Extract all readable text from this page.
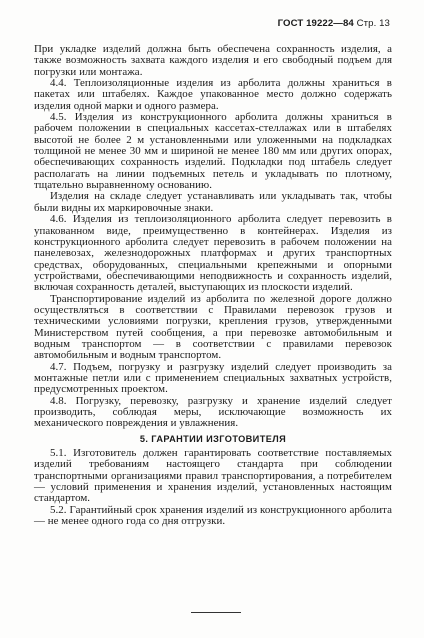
ГОСТ 19222—84 Стр. 13

При укладке изделий должна быть обеспечена сохранность изделия, а также возможность захвата каждого изделия и его свободный подъем для погрузки или монтажа.

4.4. Теплоизоляционные изделия из арболита должны храниться в пакетах или штабелях. Каждое упакованное место должно содержать изделия одной марки и одного размера.

4.5. Изделия из конструкционного арболита должны храниться в рабочем положении в специальных кассетах-стеллажах или в штабелях высотой не более 2 м установленными или уложенными на подкладках толщиной не менее 30 мм и шириной не менее 180 мм или других опорах, обеспечивающих сохранность изделий. Подкладки под штабель следует располагать на линии подъемных петель и укладывать по плотному, тщательно выравненному основанию.

Изделия на складе следует устанавливать или укладывать так, чтобы были видны их маркировочные знаки.

4.6. Изделия из теплоизоляционного арболита следует перевозить в упакованном виде, преимущественно в контейнерах. Изделия из конструкционного арболита следует перевозить в рабочем положении на панелевозах, железнодорожных платформах и других транспортных средствах, оборудованных, специальными крепежными и опорными устройствами, обеспечивающими неподвижность и сохранность изделий, включая сохранность деталей, выступающих из плоскости изделий.

Транспортирование изделий из арболита по железной дороге должно осуществляться в соответствии с Правилами перевозок грузов и техническими условиями погрузки, крепления грузов, утвержденными Министерством путей сообщения, а при перевозке автомобильным и водным транспортом — в соответствии с правилами перевозок автомобильным и водным транспортом.

4.7. Подъем, погрузку и разгрузку изделий следует производить за монтажные петли или с применением специальных захватных устройств, предусмотренных проектом.

4.8. Погрузку, перевозку, разгрузку и хранение изделий следует производить, соблюдая меры, исключающие возможность их механического повреждения и увлажнения.

5. ГАРАНТИИ ИЗГОТОВИТЕЛЯ

5.1. Изготовитель должен гарантировать соответствие поставляемых изделий требованиям настоящего стандарта при соблюдении транспортными организациями правил транспортирования, а потребителем — условий применения и хранения изделий, установленных настоящим стандартом.

5.2. Гарантийный срок хранения изделий из конструкционного арболита — не менее одного года со дня отгрузки.
